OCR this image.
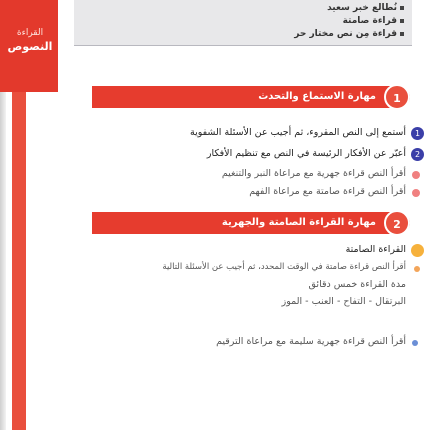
القراءة
النصوص
نُطالع خبر سعيد
قراءة صامتة
قراءة مِن نص مختار حر
مهارة الاستماع والتحدث	1
1
أستمع إلى النص المقروء، ثم أجيب عن الأسئلة الشفوية
2
أعبّر عن الأفكار الرئيسة في النص مع تنظيم الأفكار
أقرأ النص قراءة جهرية مع مراعاة النبر والتنغيم
أقرأ النص قراءة صامتة مع مراعاة الفهم
مهارة القراءة الصامتة والجهرية	2
القراءة الصامتة
أقرأ النص قراءة صامتة في الوقت المحدد، ثم أجيب عن الأسئلة التالية
مدة القراءة خمس دقائق
البرتقال - التفاح - العنب - الموز
أقرأ النص قراءة جهرية سليمة مع مراعاة الترقيم
